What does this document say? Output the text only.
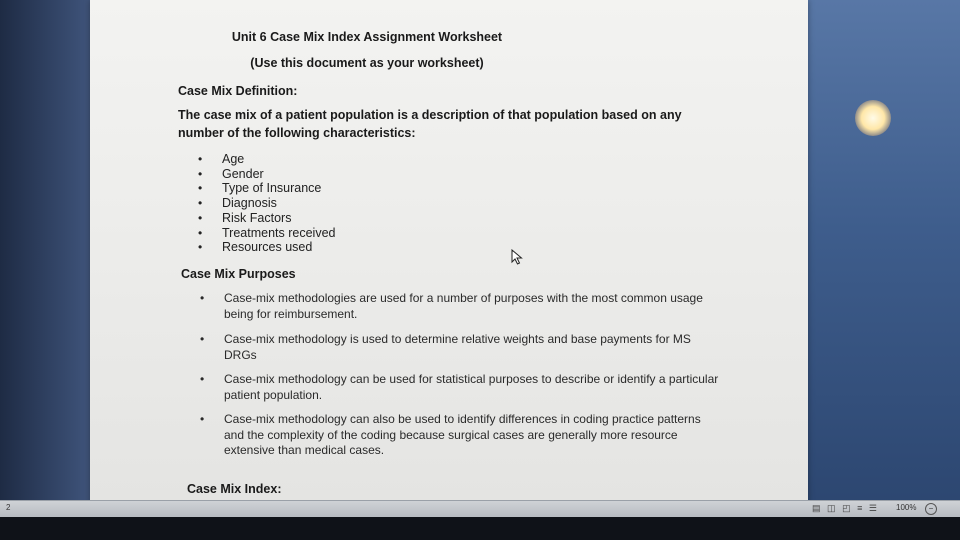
Unit 6 Case Mix Index Assignment Worksheet
(Use this document as your worksheet)
Case Mix Definition:
The case mix of a patient population is a description of that population based on any number of the following characteristics:
• Age
• Gender
• Type of Insurance
• Diagnosis
• Risk Factors
• Treatments received
• Resources used
Case Mix Purposes
•	Case-mix methodologies are used for a number of purposes with the most common usage being for reimbursement.
•	Case-mix methodology is used to determine relative weights and base payments for MS DRGs
•	Case-mix methodology can be used for statistical purposes to describe or identify a particular patient population.
•	Case-mix methodology can also be used to identify differences in coding practice patterns and the complexity of the coding because surgical cases are generally more resource extensive than medical cases.
Case Mix Index:
2	▤ ◫ ◰ ≡ ☰ 100%	−
